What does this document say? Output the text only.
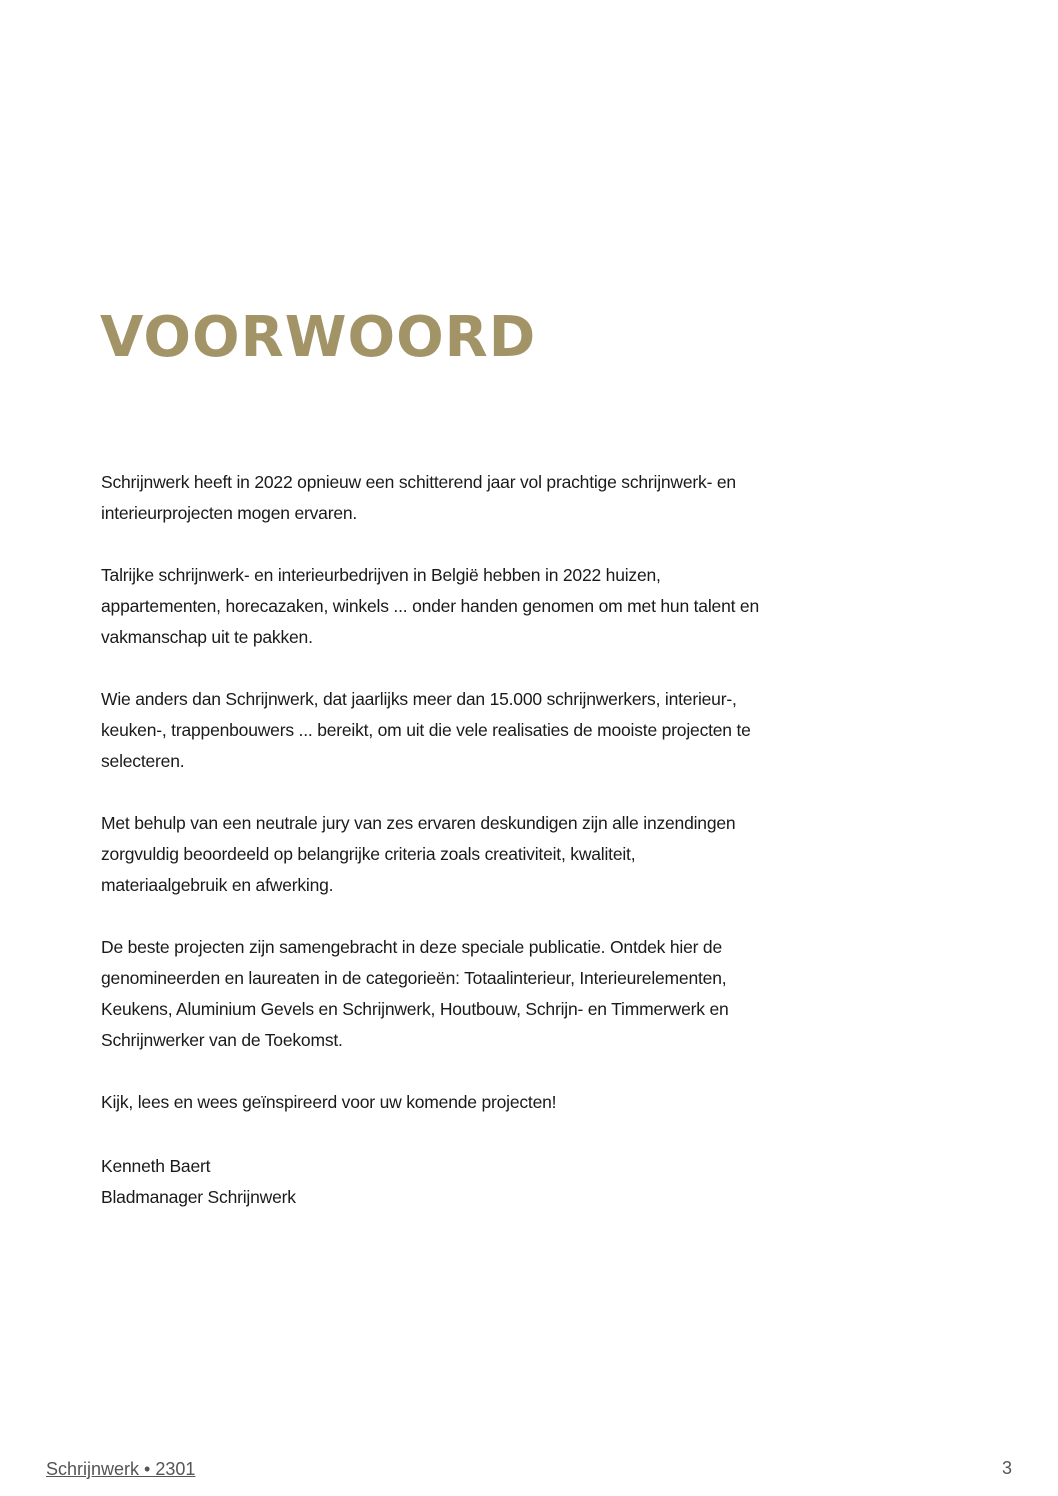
VOORWOORD

Schrijnwerk heeft in 2022 opnieuw een schitterend jaar vol prachtige schrijnwerk- en interieurprojecten mogen ervaren.

Talrijke schrijnwerk- en interieurbedrijven in België hebben in 2022 huizen, appartementen, horecazaken, winkels ... onder handen genomen om met hun talent en vakmanschap uit te pakken.

Wie anders dan Schrijnwerk, dat jaarlijks meer dan 15.000 schrijnwerkers, interieur-, keuken-, trappenbouwers ... bereikt, om uit die vele realisaties de mooiste projecten te selecteren.

Met behulp van een neutrale jury van zes ervaren deskundigen zijn alle inzendingen zorgvuldig beoordeeld op belangrijke criteria zoals creativiteit, kwaliteit, materiaalgebruik en afwerking.

De beste projecten zijn samengebracht in deze speciale publicatie. Ontdek hier de genomineerden en laureaten in de categorieën: Totaalinterieur, Interieurelementen, Keukens, Aluminium Gevels en Schrijnwerk, Houtbouw, Schrijn- en Timmerwerk en Schrijnwerker van de Toekomst.

Kijk, lees en wees geïnspireerd voor uw komende projecten!

Kenneth Baert
Bladmanager Schrijnwerk
Schrijnwerk • 2301	3
